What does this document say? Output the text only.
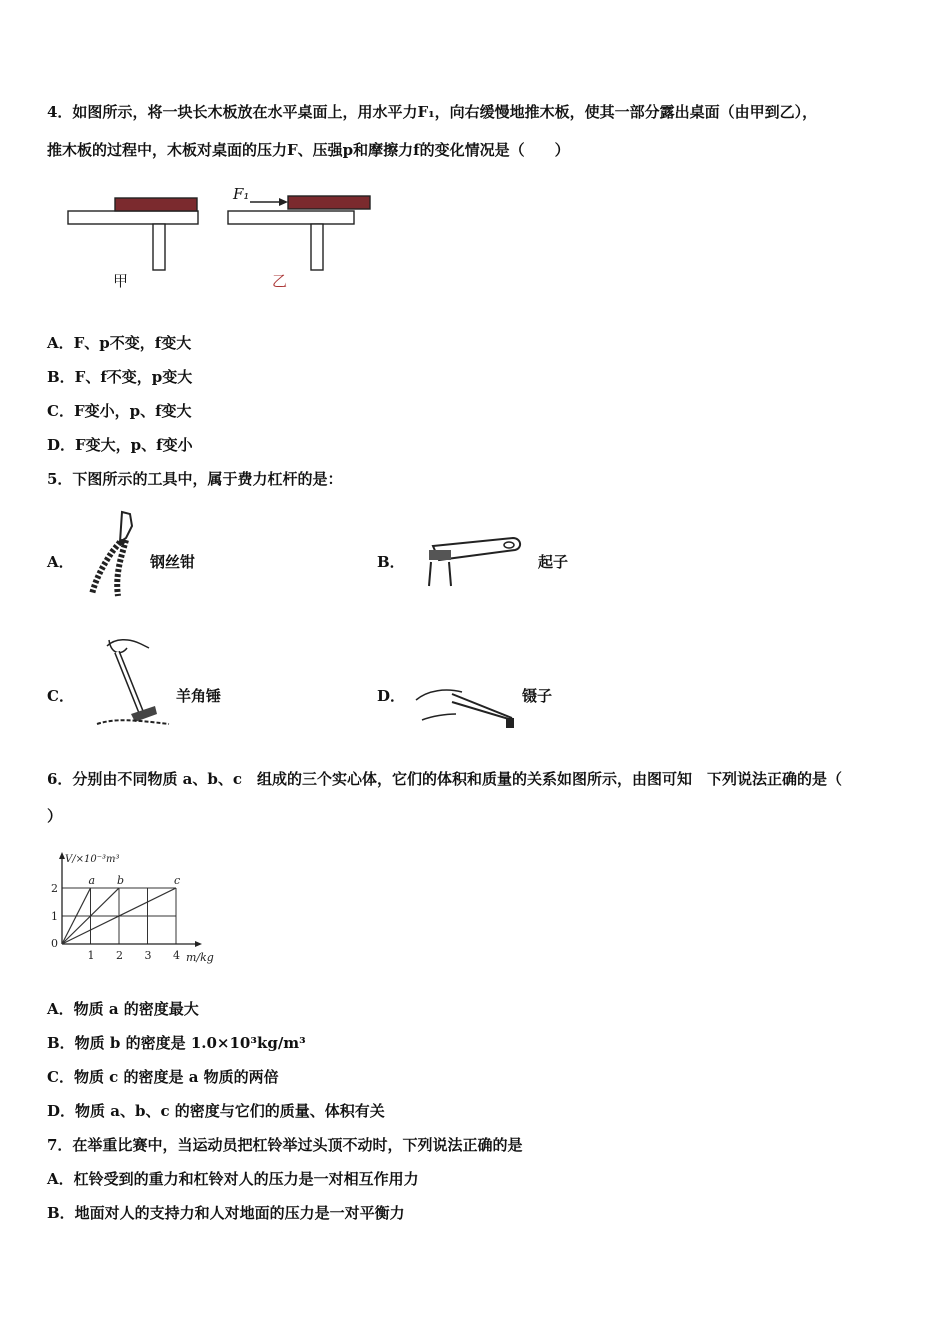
4．如图所示，将一块长木板放在水平桌面上，用水平力F₁，向右缓慢地推木板，使其一部分露出桌面（由甲到乙），
推木板的过程中，木板对桌面的压力F、压强p和摩擦力f的变化情况是（　　）
F₁
甲	乙
A．F、p不变，f变大
B．F、f不变，p变大
C．F变小，p、f变大
D．F变大，p、f变小
5．下图所示的工具中，属于费力杠杆的是：
A．	钢丝钳	B．	起子
C．	羊角锤	D．	镊子
6．分别由不同物质 a、b、c　组成的三个实心体，它们的体积和质量的关系如图所示，由图可知　下列说法正确的是（
）
a b	c
1 2 3 4
0
1
2
m/kg
V/×10⁻³m³
A．物质 a 的密度最大
B．物质 b 的密度是 1.0×10³kg/m³
C．物质 c 的密度是 a 物质的两倍
D．物质 a、b、c 的密度与它们的质量、体积有关
7．在举重比赛中，当运动员把杠铃举过头顶不动时，下列说法正确的是
A．杠铃受到的重力和杠铃对人的压力是一对相互作用力
B．地面对人的支持力和人对地面的压力是一对平衡力
